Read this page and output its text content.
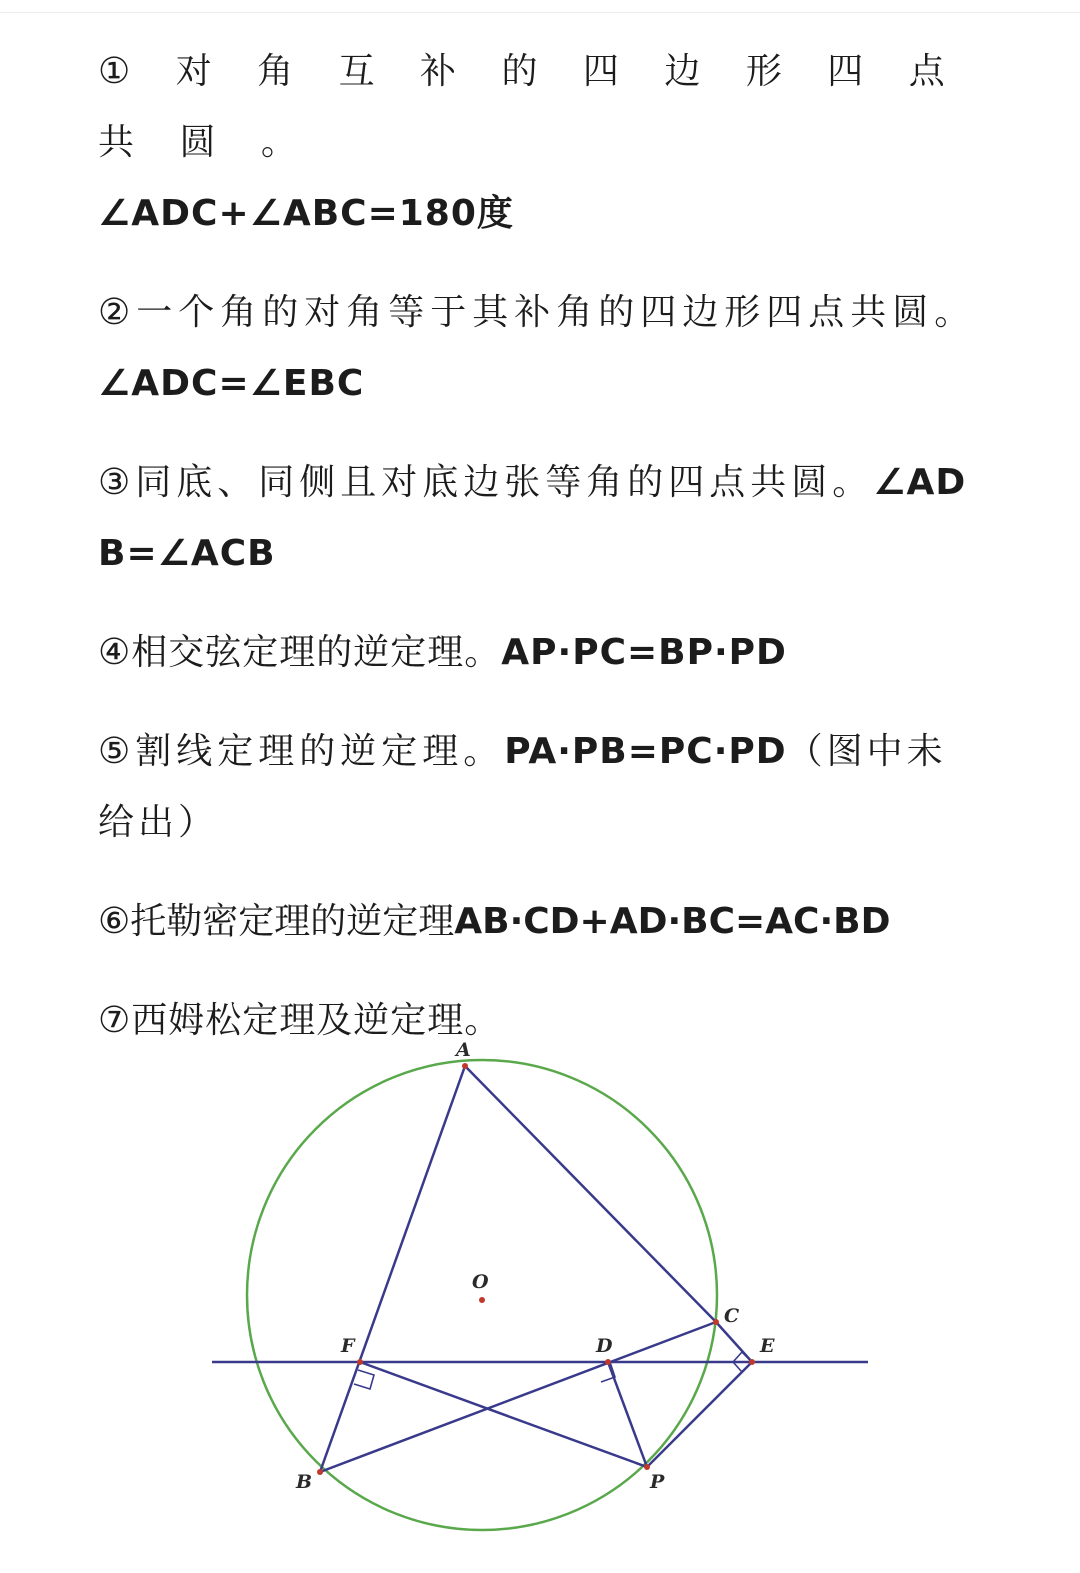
① 对 角 互 补 的 四 边 形 四 点 共 圆 。
∠ADC+∠ABC=180度

②一个角的对角等于其补角的四边形四点共圆。∠ADC=∠EBC

③同底、同侧且对底边张等角的四点共圆。∠ADB=∠ACB

④相交弦定理的逆定理。AP·PC=BP·PD

⑤割线定理的逆定理。PA·PB=PC·PD（图中未给出）

⑥托勒密定理的逆定理AB·CD+AD·BC=AC·BD

⑦西姆松定理及逆定理。

A
B
C
D	E
F
O
P
